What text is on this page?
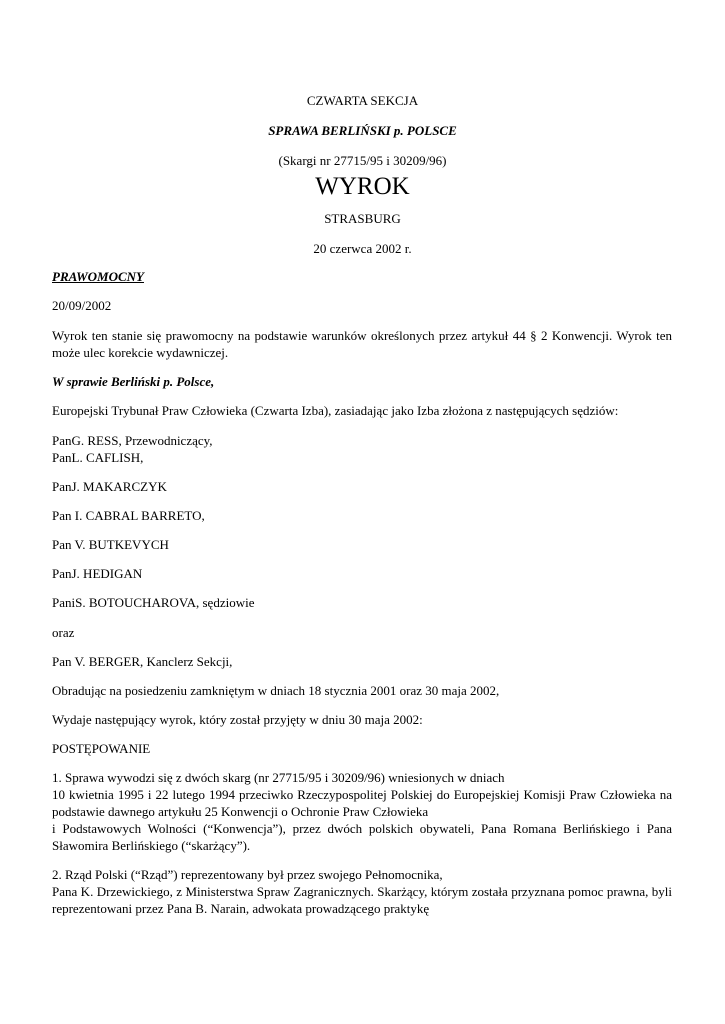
CZWARTA SEKCJA
SPRAWA BERLIŃSKI p. POLSCE
(Skargi nr 27715/95 i 30209/96)
WYROK
STRASBURG
20 czerwca 2002 r.
PRAWOMOCNY
20/09/2002
Wyrok ten stanie się prawomocny na podstawie warunków określonych przez artykuł 44 § 2 Konwencji. Wyrok ten może ulec korekcie wydawniczej.
W sprawie Berliński p. Polsce,
Europejski Trybunał Praw Człowieka (Czwarta Izba), zasiadając jako Izba złożona z następujących sędziów:
PanG. RESS, Przewodniczący,
PanL. CAFLISH,
PanJ. MAKARCZYK
Pan I. CABRAL BARRETO,
Pan V. BUTKEVYCH
PanJ. HEDIGAN
PaniS. BOTOUCHAROVA, sędziowie
oraz
Pan V. BERGER, Kanclerz Sekcji,
Obradując na posiedzeniu zamkniętym w dniach 18 stycznia 2001 oraz 30 maja 2002,
Wydaje następujący wyrok, który został przyjęty w dniu 30 maja 2002:
POSTĘPOWANIE
1. Sprawa wywodzi się z dwóch skarg (nr 27715/95 i 30209/96) wniesionych w dniach
10 kwietnia 1995 i 22 lutego 1994 przeciwko Rzeczypospolitej Polskiej do Europejskiej Komisji Praw Człowieka na
podstawie dawnego artykułu 25 Konwencji o Ochronie Praw Człowieka
i Podstawowych Wolności (“Konwencja”), przez dwóch polskich obywateli, Pana Romana Berlińskiego i Pana
Sławomira Berlińskiego (“skarżący”).
2. Rząd Polski (“Rząd”) reprezentowany był przez swojego Pełnomocnika,
Pana K. Drzewickiego, z Ministerstwa Spraw Zagranicznych. Skarżący, którym została przyznana pomoc prawna, byli
reprezentowani przez Pana B. Narain, adwokata prowadzącego praktykę
